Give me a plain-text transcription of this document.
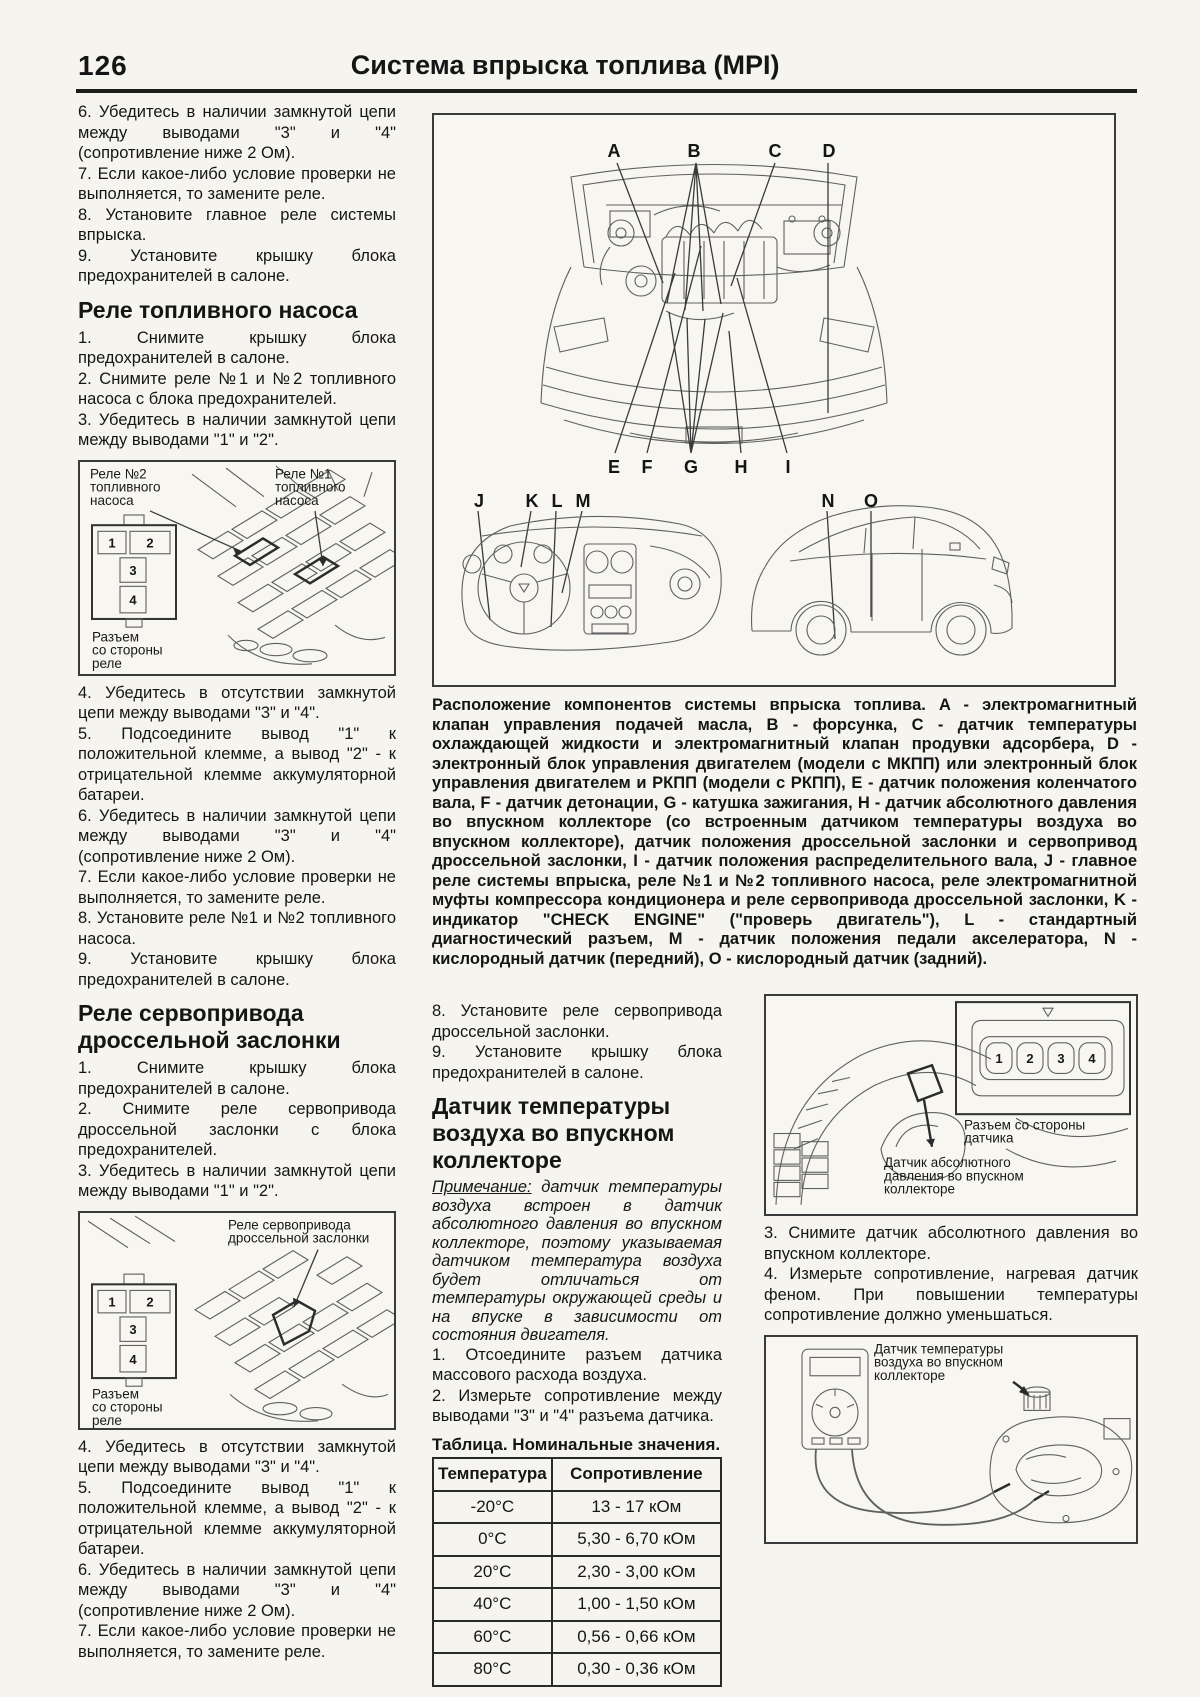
126	Система впрыска топлива (MPI)

6. Убедитесь в наличии замкнутой цепи между выводами "3" и "4" (сопротивление ниже 2 Ом).

7. Если какое-либо условие проверки не выполняется, то замените реле.

8. Установите главное реле системы впрыска.

9. Установите крышку блока предохранителей в салоне.

Реле топливного насоса

1. Снимите крышку блока предохранителей в салоне.

2. Снимите реле №1 и №2 топливного насоса с блока предохранителей.

3. Убедитесь в наличии замкнутой цепи между выводами "1" и "2".

1 2
3
4
Реле №2
топливного
насоса
Реле №1
топливного
насоса
Разъем
со стороны
реле

4. Убедитесь в отсутствии замкнутой цепи между выводами "3" и "4".

5. Подсоедините вывод "1" к положительной клемме, а вывод "2" - к отрицательной клемме аккумуляторной батареи.

6. Убедитесь в наличии замкнутой цепи между выводами "3" и "4" (сопротивление ниже 2 Ом).

7. Если какое-либо условие проверки не выполняется, то замените реле.

8. Установите реле №1 и №2 топливного насоса.

9. Установите крышку блока предохранителей в салоне.

Реле сервопривода дроссельной заслонки

1. Снимите крышку блока предохранителей в салоне.

2. Снимите реле сервопривода дроссельной заслонки с блока предохранителей.

3. Убедитесь в наличии замкнутой цепи между выводами "1" и "2".

1 2
3
4
Реле сервопривода
дроссельной заслонки
Разъем
со стороны
реле

4. Убедитесь в отсутствии замкнутой цепи между выводами "3" и "4".

5. Подсоедините вывод "1" к положительной клемме, а вывод "2" - к отрицательной клемме аккумуляторной батареи.

6. Убедитесь в наличии замкнутой цепи между выводами "3" и "4" (сопротивление ниже 2 Ом).

7. Если какое-либо условие проверки не выполняется, то замените реле.

A	B	C D
E F G H	I
J K L M	N O
Расположение компонентов системы впрыска топлива. A - электромагнитный клапан управления подачей масла, B - форсунка, C - датчик температуры охлаждающей жидкости и электромагнитный клапан продувки адсорбера, D - электронный блок управления двигателем (модели с МКПП) или электронный блок управления двигателем и РКПП (модели с РКПП), E - датчик положения коленчатого вала, F - датчик детонации, G - катушка зажигания, H - датчик абсолютного давления во впускном коллекторе (со встроенным датчиком температуры воздуха во впускном коллекторе), датчик положения дроссельной заслонки и сервопривод дроссельной заслонки, I - датчик положения распределительного вала, J - главное реле системы впрыска, реле №1 и №2 топливного насоса, реле электромагнитной муфты компрессора кондиционера и реле сервопривода дроссельной заслонки, K - индикатор "CHECK ENGINE" ("проверь двигатель"), L - стандартный диагностический разъем, M - датчик положения педали акселератора, N - кислородный датчик (передний), O - кислородный датчик (задний).

8. Установите реле сервопривода дроссельной заслонки.

9. Установите крышку блока предохранителей в салоне.

Датчик температуры воздуха во впускном коллекторе

Примечание: датчик температуры воздуха встроен в датчик абсолютного давления во впускном коллекторе, поэтому указываемая датчиком температура воздуха будет отличаться от температуры окружающей среды и на впуске в зависимости от состояния двигателя.

1. Отсоедините разъем датчика массового расхода воздуха.

2. Измерьте сопротивление между выводами "3" и "4" разъема датчика.

Таблица. Номинальные значения.

Температура	Сопротивление
-20°C	13 - 17 кОм
0°C	5,30 - 6,70 кОм
20°C	2,30 - 3,00 кОм
40°C	1,00 - 1,50 кОм
60°C	0,56 - 0,66 кОм
80°C	0,30 - 0,36 кОм
1 2 3 4
Разъем со стороны
датчика
Датчик абсолютного
давления во впускном
коллекторе

3. Снимите датчик абсолютного давления во впускном коллекторе.

4. Измерьте сопротивление, нагревая датчик феном. При повышении температуры сопротивление должно уменьшаться.

Датчик температуры
воздуха во впускном
коллекторе
